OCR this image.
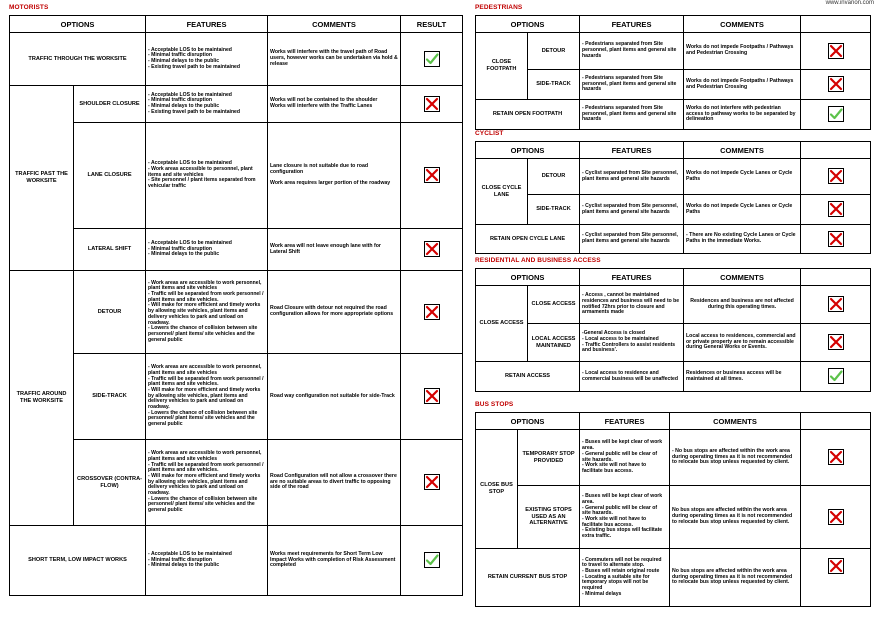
www.invarion.com
MOTORISTS
OPTIONS		FEATURES	COMMENTS	RESULT
TRAFFIC THROUGH THE WORKSITE		- Acceptable LOS to be maintained
- Minimal traffic disruption
- Minimal delays to the public
- Existing travel path to be maintained	Works will interfere with the travel path of Road users, however works can be undertaken via hold & release	

TRAFFIC PAST THE WORKSITE	SHOULDER CLOSURE	- Acceptable LOS to be maintained
- Minimal traffic disruption
- Minimal delays to the public
- Existing travel path to be maintained	Works will not be contained to the shoulder
Works will interfere with the Traffic Lanes	

	LANE CLOSURE	- Acceptable LOS to be maintained
- Work areas accessible to personnel, plant items and site vehicles
- Site personnel / plant items separated from vehicular traffic	Lane closure is not suitable due to road configuration

Work area requires larger portion of the roadway	

	LATERAL SHIFT	- Acceptable LOS to be maintained
- Minimal traffic disruption
- Minimal delays to the public	Work area will not leave enough lane with for Lateral Shift	

TRAFFIC AROUND THE WORKSITE	DETOUR	- Work areas are accessible to work personnel, plant items and site vehicles
- Traffic will be separated from work personnel / plant items and site vehicles.
- Will make for more efficient and timely works by allowing site vehicles, plant items and delivery vehicles to park and unload on roadway.
- Lowers the chance of collision between site personnel/ plant items/ site vehicles and the general public	Road Closure with detour not required the road configuration allows for more appropriate options	

	SIDE-TRACK	- Work areas are accessible to work personnel, plant items and site vehicles
- Traffic will be separated from work personnel / plant items and site vehicles.
- Will make for more efficient and timely works by allowing site vehicles, plant items and delivery vehicles to park and unload on roadway.
- Lowers the chance of collision between site personnel/ plant items/ site vehicles and the general public	Road way configuration not suitable for side-Track	

	CROSSOVER (CONTRA-FLOW)	- Work areas are accessible to work personnel, plant items and site vehicles
- Traffic will be separated from work personnel / plant items and site vehicles.
- Will make for more efficient and timely works by allowing site vehicles, plant items and delivery vehicles to park and unload on roadway.
- Lowers the chance of collision between site personnel/ plant items/ site vehicles and the general public	Road Configuration will not allow a crossover there are no suitable areas to divert traffic to opposing side of the road	

SHORT TERM, LOW IMPACT WORKS		- Acceptable LOS to be maintained
- Minimal traffic disruption
- Minimal delays to the public	Works meet requirements for Short Term Low Impact Works with completion of Risk Assessment completed	
PEDESTRIANS
OPTIONS		FEATURES	COMMENTS	
CLOSE FOOTPATH	DETOUR	- Pedestrians separated from Site personnel, plant items and general site hazards	Works do not impede Footpaths / Pathways and Pedestrian Crossing	

	SIDE-TRACK	- Pedestrians separated from Site personnel, plant items and general site hazards	Works do not impede Footpaths / Pathways and Pedestrian Crossing	

RETAIN OPEN FOOTPATH		- Pedestrians separated from Site personnel, plant items and general site hazards	Works do not interfere with pedestrian access to pathway works to be separated by delineation	
CYCLIST
OPTIONS		FEATURES	COMMENTS	
CLOSE CYCLE LANE	DETOUR	- Cyclist separated from Site personnel, plant items and general site hazards	Works do not impede Cycle Lanes or Cycle Paths	

	SIDE-TRACK	- Cyclist separated from Site personnel, plant items and general site hazards	Works do not impede Cycle Lanes or Cycle Paths	

RETAIN OPEN CYCLE LANE		- Cyclist separated from Site personnel, plant items and general site hazards	- There are No existing Cycle Lanes or Cycle Paths in the immediate Works.	
RESIDENTIAL AND BUSINESS ACCESS
OPTIONS		FEATURES	COMMENTS	
CLOSE ACCESS	CLOSE ACCESS	- Access , cannot be maintained residences and business will need to be notified 72hrs prior to closure and armaments made	Residences and business are not affected during this operating times.	

	LOCAL ACCESS MAINTAINED	-General Access is closed
- Local access to be maintained
- Traffic Controllers to assist residents and business'.	Local access to residences, commercial and or private property are to remain accessible during General Works or Events.	

RETAIN ACCESS		- Local access to residence and commercial business will be unaffected	Residences or business access will be maintained at all times.	
BUS STOPS
OPTIONS		FEATURES	COMMENTS	
CLOSE BUS STOP	TEMPORARY STOP PROVIDED	- Buses will be kept clear of work area.
- General public will be clear of site hazards.
- Work site will not have to facilitate bus access.	- No bus stops are affected within the work area during operating times as it is not recommended to relocate bus stop unless requested by client.	

	EXISTING STOPS USED AS AN ALTERNATIVE	- Buses will be kept clear of work area.
- General public will be clear of site hazards.
- Work site will not have to facilitate bus access.
- Existing bus stops will facilitate extra traffic.	No bus stops are affected within the work area during operating times as it is not recommended to relocate bus stop unless requested by client.	

RETAIN CURRENT BUS STOP		- Commuters will not be required to travel to alternate stop.
- Buses will retain original route
- Locating a suitable site for temporary stops will not be required
- Minimal delays	No bus stops are affected within the work area during operating times as it is not recommended to relocate bus stop unless requested by client.	
